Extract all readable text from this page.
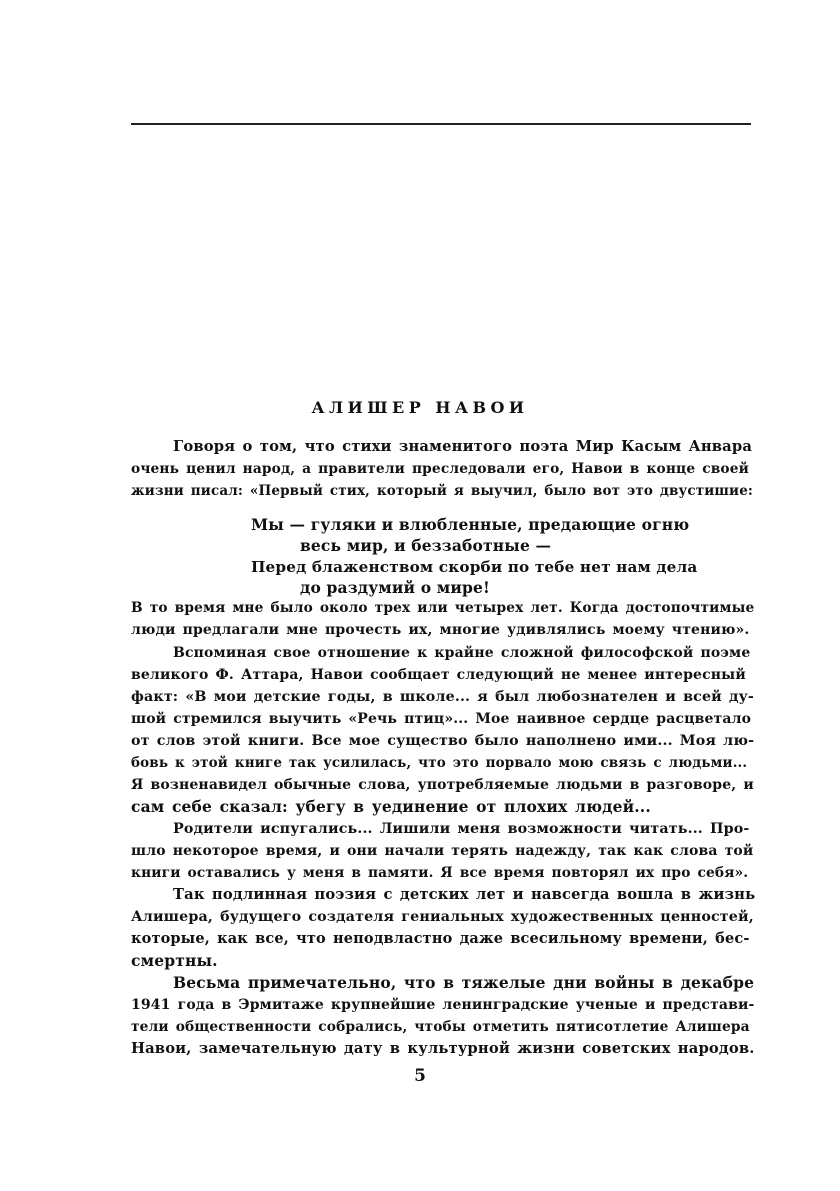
АЛИШЕР НАВОИ
Говоря о том, что стихи знаменитого поэта Мир Касым Анвара
очень ценил народ, а правители преследовали его, Навои в конце своей
жизни писал: «Первый стих, который я выучил, было вот это двустишие:
Мы — гуляки и влюбленные, предающие огню
весь мир, и беззаботные —
Перед блаженством скорби по тебе нет нам дела
до раздумий о мире!
В то время мне было около трех или четырех лет. Когда достопочтимые
люди предлагали мне прочесть их, многие удивлялись моему чтению».
Вспоминая свое отношение к крайне сложной философской поэме
великого Ф. Аттара, Навои сообщает следующий не менее интересный
факт: «В мои детские годы, в школе... я был любознателен и всей ду-
шой стремился выучить «Речь птиц»... Мое наивное сердце расцветало
от слов этой книги. Все мое существо было наполнено ими... Моя лю-
бовь к этой книге так усилилась, что это порвало мою связь с людьми...
Я возненавидел обычные слова, употребляемые людьми в разговоре, и
сам себе сказал: убегу в уединение от плохих людей...
Родители испугались... Лишили меня возможности читать... Про-
шло некоторое время, и они начали терять надежду, так как слова той
книги оставались у меня в памяти. Я все время повторял их про себя».
Так подлинная поэзия с детских лет и навсегда вошла в жизнь
Алишера, будущего создателя гениальных художественных ценностей,
которые, как все, что неподвластно даже всесильному времени, бес-
смертны.
Весьма примечательно, что в тяжелые дни войны в декабре
1941 года в Эрмитаже крупнейшие ленинградские ученые и представи-
тели общественности собрались, чтобы отметить пятисотлетие Алишера
Навои, замечательную дату в культурной жизни советских народов.
5
